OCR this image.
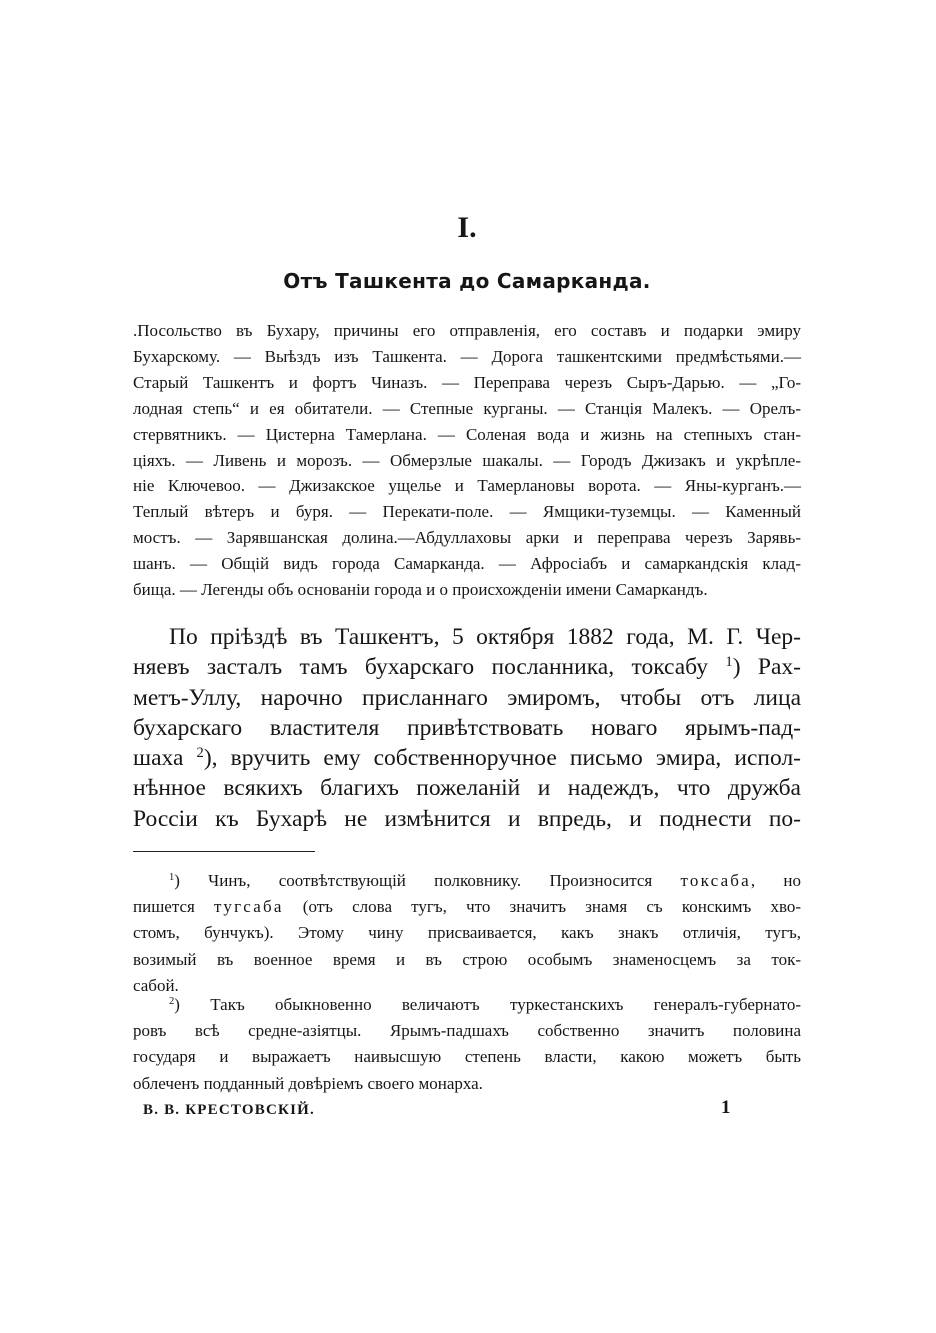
I.
Отъ Ташкента до Самарканда.
.Посольство въ Бухару, причины его отправленія, его составъ и подарки эмиру
Бухарскому. — Выѣздъ изъ Ташкента. — Дорога ташкентскими предмѣстьями.—
Старый Ташкентъ и фортъ Чиназъ. — Переправа черезъ Сыръ-Дарью. — „Го-
лодная степь“ и ея обитатели. — Степные курганы. — Станція Малекъ. — Орелъ-
стервятникъ. — Цистерна Тамерлана. — Соленая вода и жизнь на степныхъ стан-
ціяхъ. — Ливень и морозъ. — Обмерзлые шакалы. — Городъ Джизакъ и укрѣпле-
ніе Ключевоо. — Джизакское ущелье и Тамерлановы ворота. — Яны-курганъ.—
Теплый вѣтеръ и буря. — Перекати-поле. — Ямщики-туземцы. — Каменный
мостъ. — Зарявшанская долина.—Абдуллаховы арки и переправа черезъ Зарявь-
шанъ. — Общій видъ города Самарканда. — Афросіабъ и самаркандскія клад-
бища. — Легенды объ основаніи города и о происхожденіи имени Самаркандъ.
По пріѣздѣ въ Ташкентъ, 5 октября 1882 года, М. Г. Чер-
няевъ засталъ тамъ бухарскаго посланника, токсабу $^1$) Рах-
метъ-Уллу, нарочно присланнаго эмиромъ, чтобы отъ лица
бухарскаго властителя привѣтствовать новаго ярымъ-пад-
шаха $^2$), вручить ему собственноручное письмо эмира, испол-
нѣнное всякихъ благихъ пожеланій и надеждъ, что дружба
Россіи къ Бухарѣ не измѣнится и впредь, и поднести по-
$^1$) Чинъ, соотвѣтствующій полковнику. Произносится токсаба, но
пишется тугсаба (отъ слова тугъ, что значитъ знамя съ конскимъ хво-
стомъ, бунчукъ). Этому чину присваивается, какъ знакъ отличія, тугъ,
возимый въ военное время и въ строю особымъ знаменосцемъ за ток-
сабой.
$^2$) Такъ обыкновенно величаютъ туркестанскихъ генералъ-губернато-
ровъ всѣ средне-азіятцы. Ярымъ-падшахъ собственно значитъ половина
государя и выражаетъ наивысшую степень власти, какою можетъ быть
облеченъ подданный довѣріемъ своего монарха.
В. В. КРЕСТОВСКІЙ.	1
